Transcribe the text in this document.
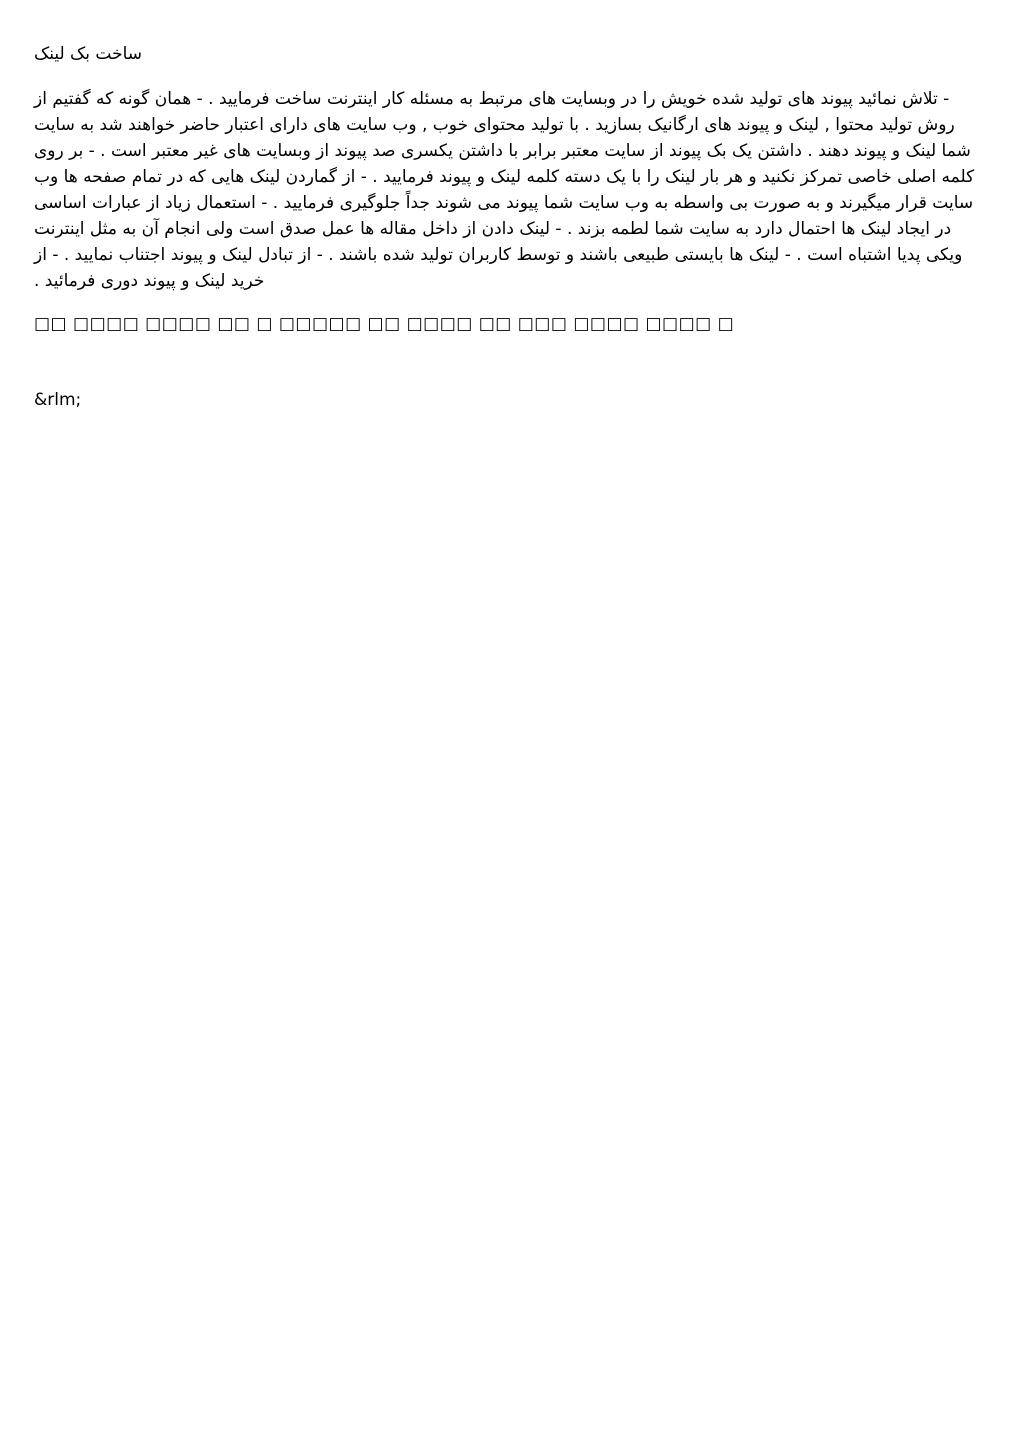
ساخت بک لینک
- تلاش نمائید پیوند های تولید شده خویش را در وبسایت های مرتبط به مسئله کار اینترنت ساخت فرمایید . - همان گونه که گفتیم از روش تولید محتوا , لینک و پیوند های ارگانیک بسازید . با تولید محتوای خوب , وب سایت های دارای اعتبار حاضر خواهند شد به سایت شما لینک و پیوند دهند . داشتن یک بک پیوند از سایت معتبر برابر با داشتن یکسری صد پیوند از وبسایت های غیر معتبر است . - بر روی کلمه اصلی خاصی تمرکز نکنید و هر بار لینک را با یک دسته کلمه لینک و پیوند فرمایید . - از گماردن لینک هایی که در تمام صفحه ها وب سایت قرار میگیرند و به صورت بی واسطه به وب سایت شما پیوند می شوند جداً جلوگیری فرمایید . - استعمال زیاد از عبارات اساسی در ایجاد لینک ها احتمال دارد به سایت شما لطمه بزند . - لینک دادن از داخل مقاله ها عمل صدق است ولی انجام آن به مثل اینترنت ویکی پدیا اشتباه است . - لینک ها بایستی طبیعی باشند و توسط کاربران تولید شده باشند . - از تبادل لینک و پیوند اجتناب نمایید . - از خرید لینک و پیوند دوری فرمائید .
□□ □□□□ □□□□ □□ □ □□□□□ □□ □□□□ □□ □□□ □□□□ □□□□ □
&rlm;
